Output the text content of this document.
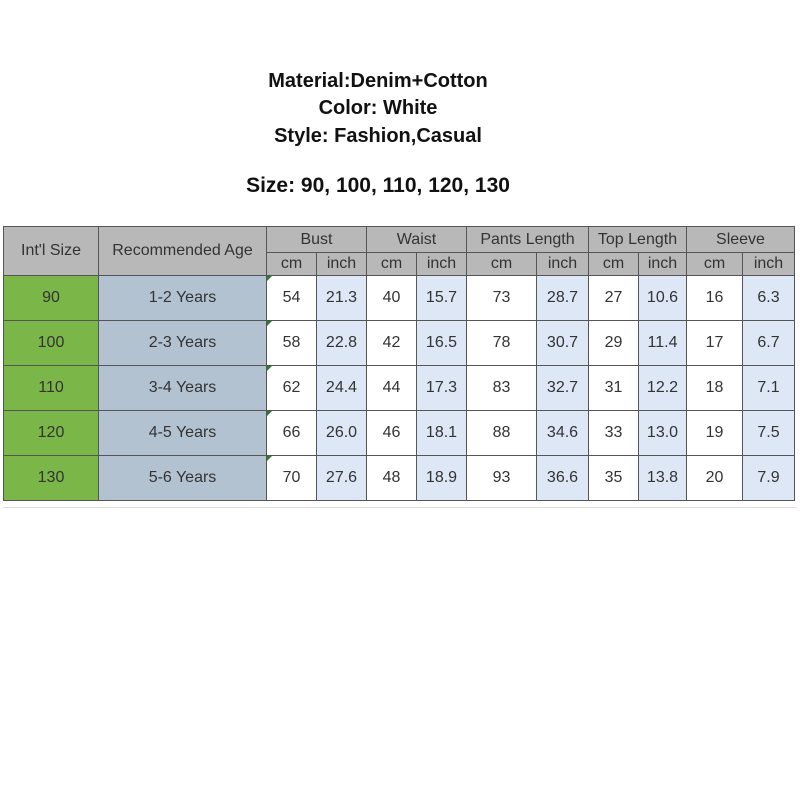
Material:Denim+Cotton
Color: White
Style: Fashion,Casual
Size: 90, 100, 110, 120, 130
Int'l Size	Recommended Age	Bust		Waist		Pants Length		Top Length		Sleeve	
		cm	inch	cm	inch	cm	inch	cm	inch	cm	inch
90	1-2 Years	54	21.3	40	15.7	73	28.7	27	10.6	16	6.3
100	2-3 Years	58	22.8	42	16.5	78	30.7	29	11.4	17	6.7
110	3-4 Years	62	24.4	44	17.3	83	32.7	31	12.2	18	7.1
120	4-5 Years	66	26.0	46	18.1	88	34.6	33	13.0	19	7.5
130	5-6 Years	70	27.6	48	18.9	93	36.6	35	13.8	20	7.9
